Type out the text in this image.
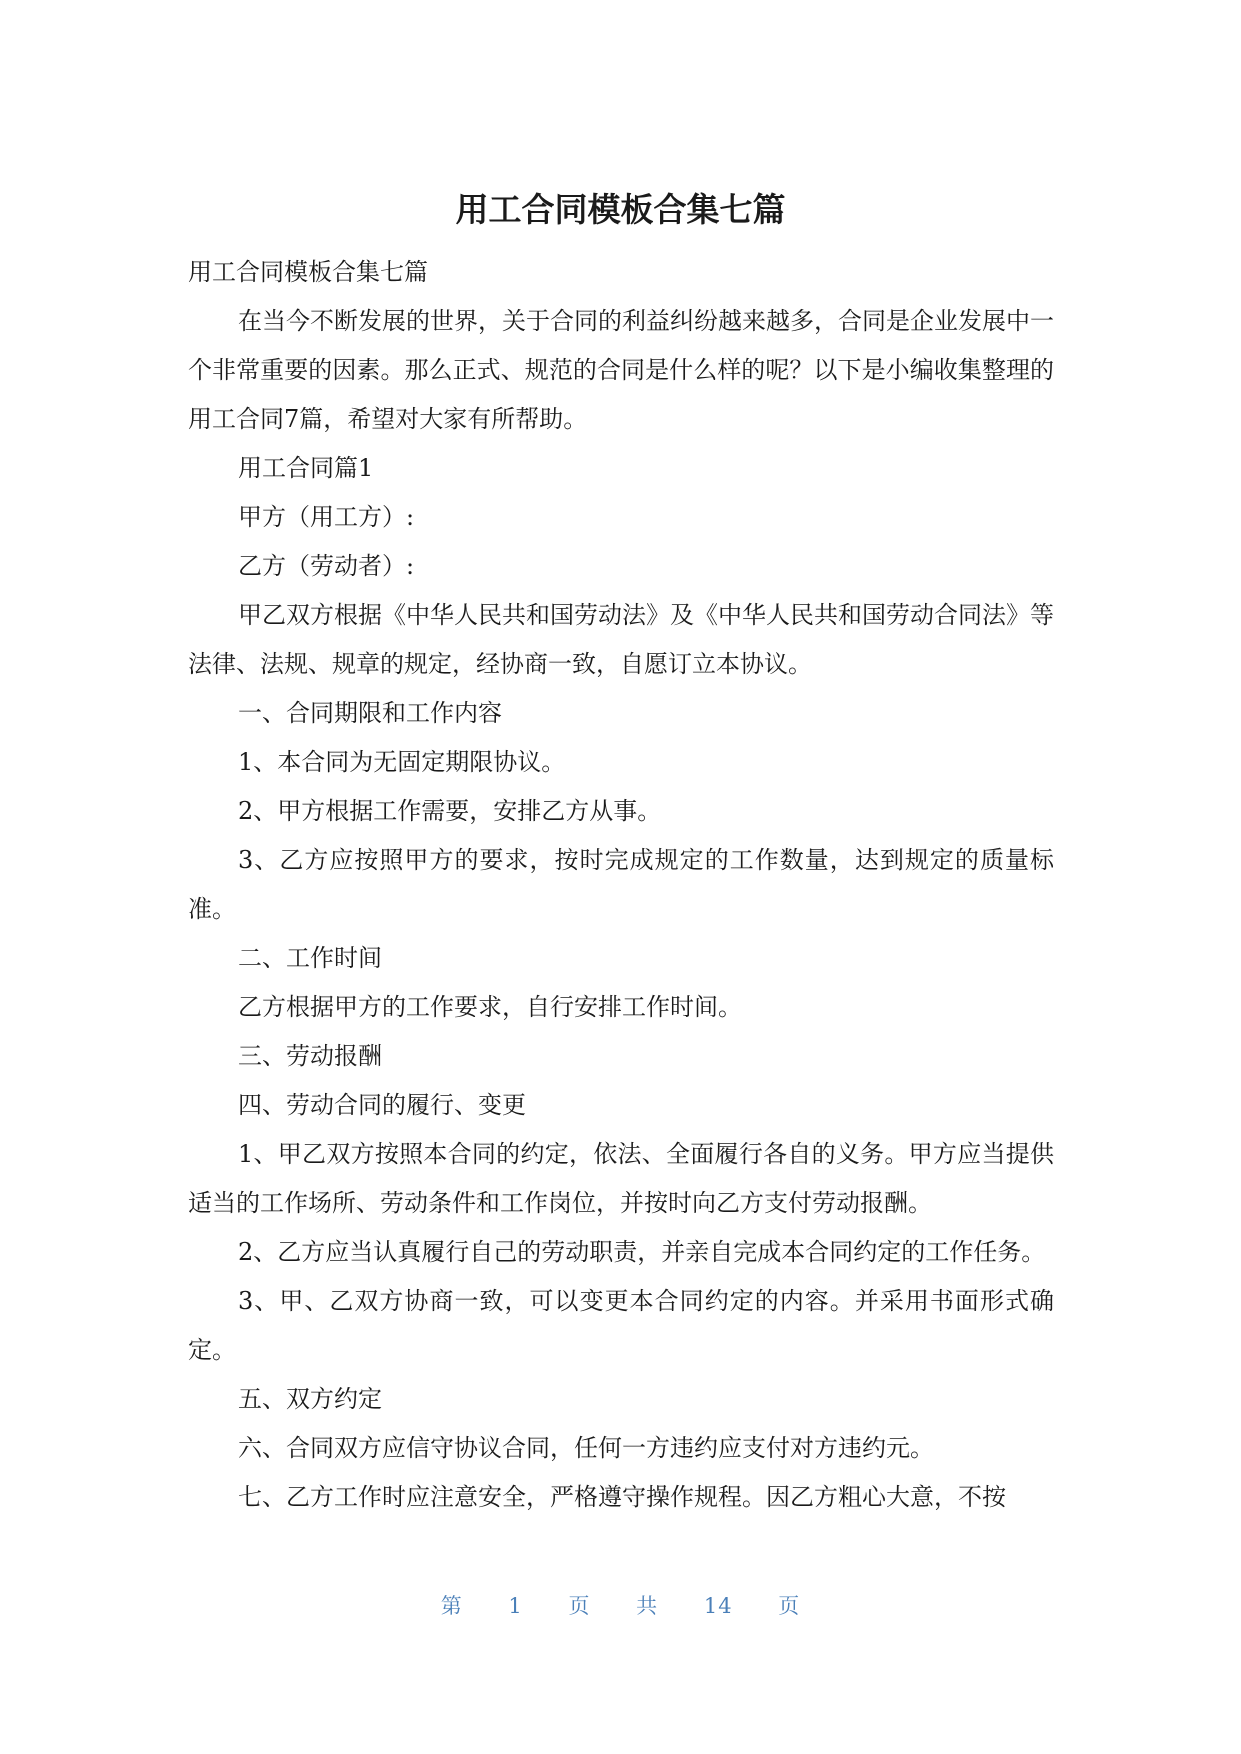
用工合同模板合集七篇

用工合同模板合集七篇

在当今不断发展的世界，关于合同的利益纠纷越来越多，合同是企业发展中一个非常重要的因素。那么正式、规范的合同是什么样的呢？以下是小编收集整理的用工合同7篇，希望对大家有所帮助。

用工合同篇1

甲方（用工方）:

乙方（劳动者）:

甲乙双方根据《中华人民共和国劳动法》及《中华人民共和国劳动合同法》等法律、法规、规章的规定，经协商一致，自愿订立本协议。

一、合同期限和工作内容

1、本合同为无固定期限协议。

2、甲方根据工作需要，安排乙方从事。

3、乙方应按照甲方的要求，按时完成规定的工作数量，达到规定的质量标准。

二、工作时间

乙方根据甲方的工作要求，自行安排工作时间。

三、劳动报酬

四、劳动合同的履行、变更

1、甲乙双方按照本合同的约定，依法、全面履行各自的义务。甲方应当提供适当的工作场所、劳动条件和工作岗位，并按时向乙方支付劳动报酬。

2、乙方应当认真履行自己的劳动职责，并亲自完成本合同约定的工作任务。

3、甲、乙双方协商一致，可以变更本合同约定的内容。并采用书面形式确定。

五、双方约定

六、合同双方应信守协议合同，任何一方违约应支付对方违约元。

七、乙方工作时应注意安全，严格遵守操作规程。因乙方粗心大意，不按

第 1 页 共 14 页
